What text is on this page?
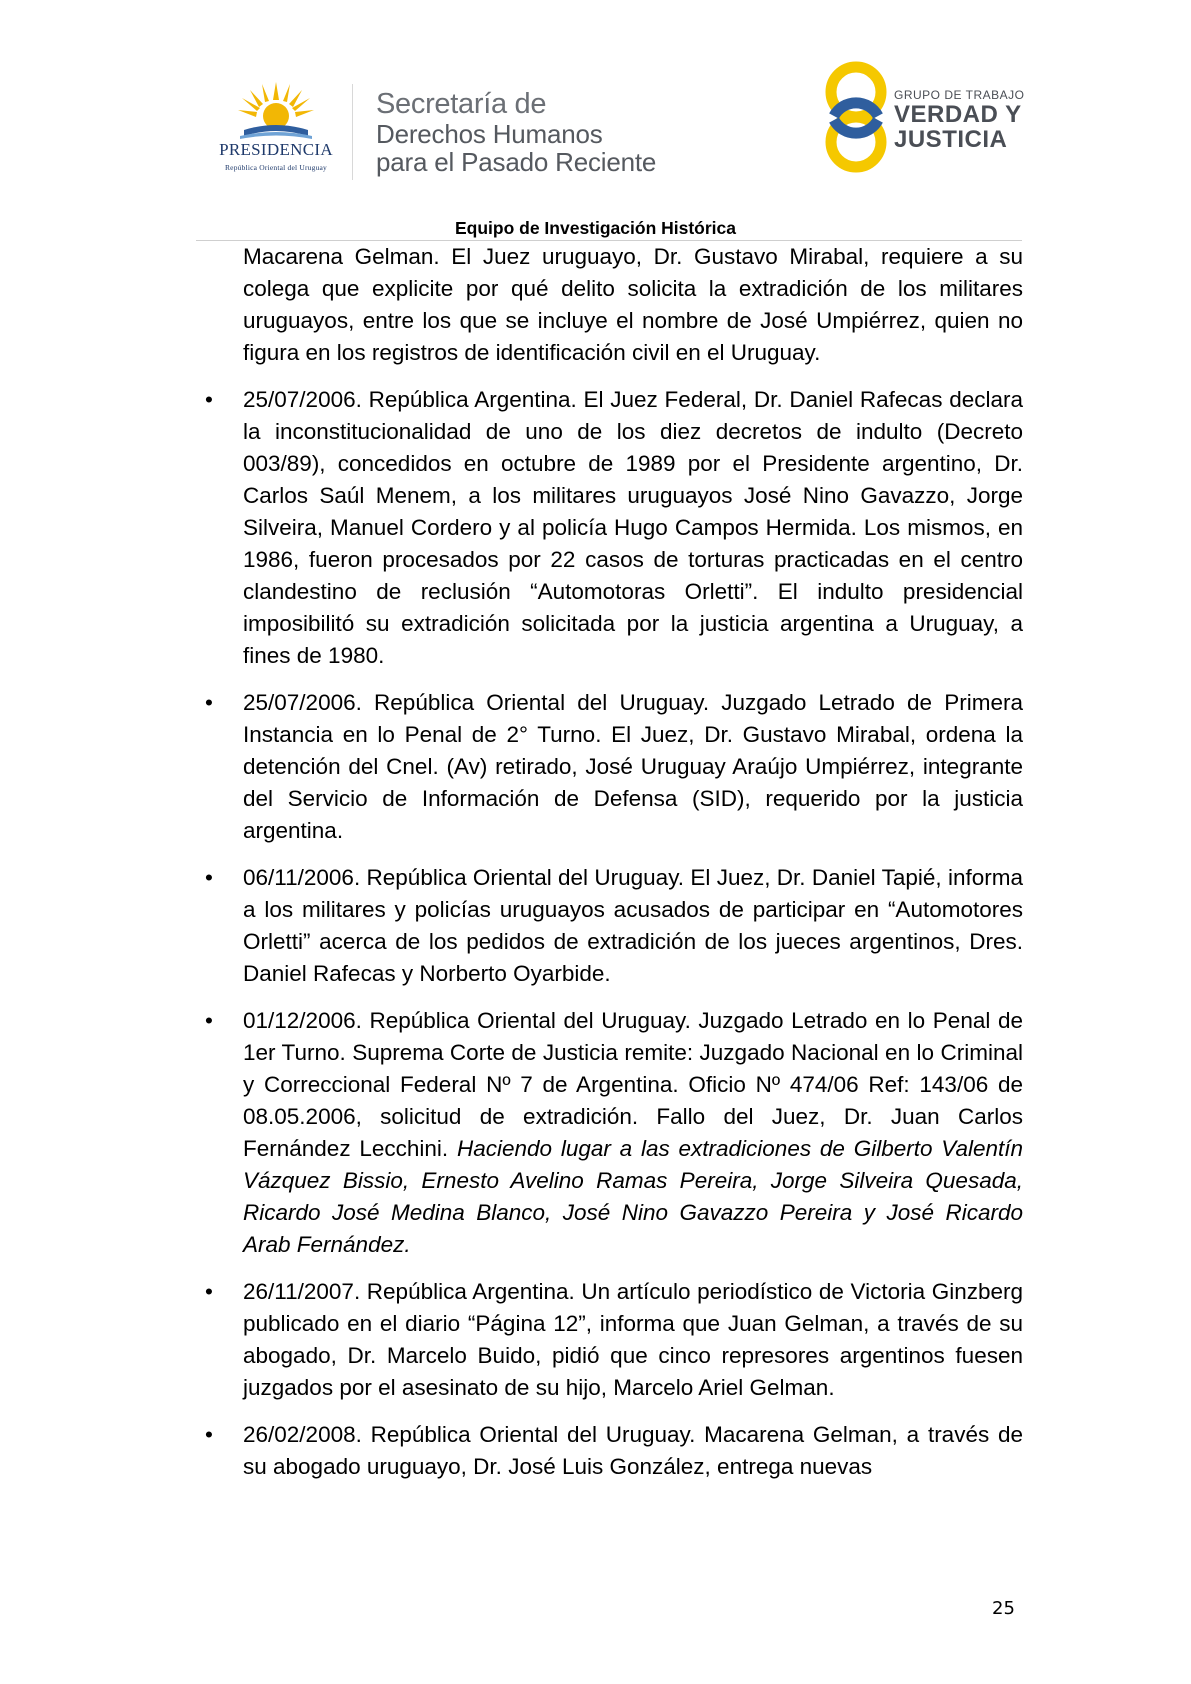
PRESIDENCIA
República Oriental del Uruguay
Secretaría de
Derechos Humanos
para el Pasado Reciente
GRUPO DE TRABAJO
VERDAD Y
JUSTICIA
Equipo de Investigación Histórica

Macarena Gelman. El Juez uruguayo, Dr. Gustavo Mirabal, requiere a su colega que explicite por qué delito solicita la extradición de los militares uruguayos, entre los que se incluye el nombre de José Umpiérrez, quien no figura en los registros de identificación civil en el Uruguay.

• 25/07/2006. República Argentina. El Juez Federal, Dr. Daniel Rafecas declara la inconstitucionalidad de uno de los diez decretos de indulto (Decreto 003/89), concedidos en octubre de 1989 por el Presidente argentino, Dr. Carlos Saúl Menem, a los militares uruguayos José Nino Gavazzo, Jorge Silveira, Manuel Cordero y al policía Hugo Campos Hermida. Los mismos, en 1986, fueron procesados por 22 casos de torturas practicadas en el centro clandestino de reclusión “Automotoras Orletti”. El indulto presidencial imposibilitó su extradición solicitada por la justicia argentina a Uruguay, a fines de 1980.

• 25/07/2006. República Oriental del Uruguay. Juzgado Letrado de Primera Instancia en lo Penal de 2° Turno. El Juez, Dr. Gustavo Mirabal, ordena la detención del Cnel. (Av) retirado, José Uruguay Araújo Umpiérrez, integrante del Servicio de Información de Defensa (SID), requerido por la justicia argentina.

• 06/11/2006. República Oriental del Uruguay. El Juez, Dr. Daniel Tapié, informa a los militares y policías uruguayos acusados de participar en “Automotores Orletti” acerca de los pedidos de extradición de los jueces argentinos, Dres. Daniel Rafecas y Norberto Oyarbide.

• 01/12/2006. República Oriental del Uruguay. Juzgado Letrado en lo Penal de 1er Turno. Suprema Corte de Justicia remite: Juzgado Nacional en lo Criminal y Correccional Federal Nº 7 de Argentina. Oficio Nº 474/06 Ref: 143/06 de 08.05.2006, solicitud de extradición. Fallo del Juez, Dr. Juan Carlos Fernández Lecchini. Haciendo lugar a las extradiciones de Gilberto Valentín Vázquez Bissio, Ernesto Avelino Ramas Pereira, Jorge Silveira Quesada, Ricardo José Medina Blanco, José Nino Gavazzo Pereira y José Ricardo Arab Fernández.

• 26/11/2007. República Argentina. Un artículo periodístico de Victoria Ginzberg publicado en el diario “Página 12”, informa que Juan Gelman, a través de su abogado, Dr. Marcelo Buido, pidió que cinco represores argentinos fuesen juzgados por el asesinato de su hijo, Marcelo Ariel Gelman.

• 26/02/2008. República Oriental del Uruguay. Macarena Gelman, a través de su abogado uruguayo, Dr. José Luis González, entrega nuevas

25
